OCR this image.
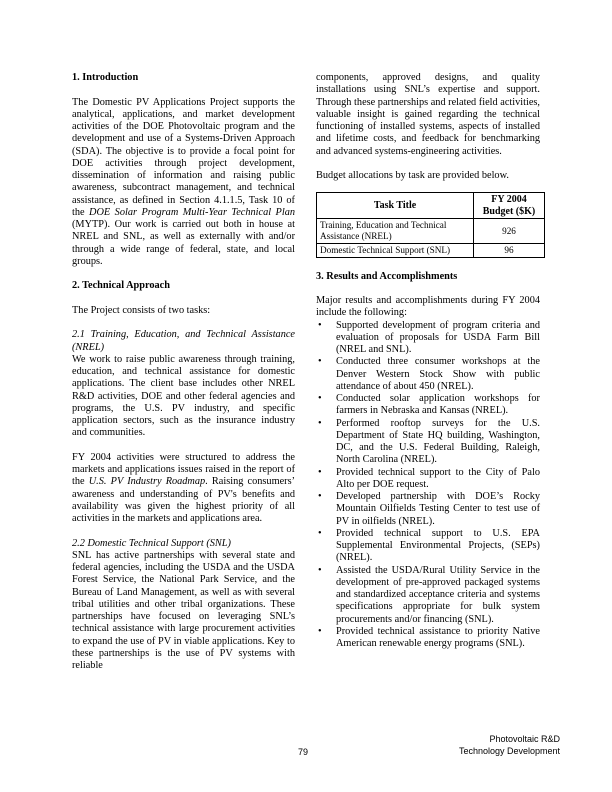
1. Introduction

The Domestic PV Applications Project supports the analytical, applications, and market development activities of the DOE Photovoltaic program and the development and use of a Systems-Driven Approach (SDA). The objective is to provide a focal point for DOE activities through project development, dissemination of information and raising public awareness, subcontract management, and technical assistance, as defined in Section 4.1.1.5, Task 10 of the DOE Solar Program Multi-Year Technical Plan (MYTP). Our work is carried out both in house at NREL and SNL, as well as externally with and/or through a wide range of federal, state, and local groups.

2. Technical Approach

The Project consists of two tasks:

2.1 Training, Education, and Technical Assistance (NREL)

We work to raise public awareness through training, education, and technical assistance for domestic applications. The client base includes other NREL R&D activities, DOE and other federal agencies and programs, the U.S. PV industry, and specific application sectors, such as the insurance industry and communities.

FY 2004 activities were structured to address the markets and applications issues raised in the report of the U.S. PV Industry Roadmap. Raising consumers’ awareness and understanding of PV's benefits and availability was given the highest priority of all activities in the markets and applications area.

2.2 Domestic Technical Support (SNL)

SNL has active partnerships with several state and federal agencies, including the USDA and the USDA Forest Service, the National Park Service, and the Bureau of Land Management, as well as with several tribal utilities and other tribal organizations. These partnerships have focused on leveraging SNL’s technical assistance with large procurement activities to expand the use of PV in viable applications. Key to these partnerships is the use of PV systems with reliable

components, approved designs, and quality installations using SNL’s expertise and support. Through these partnerships and related field activities, valuable insight is gained regarding the technical functioning of installed systems, aspects of installed and lifetime costs, and feedback for benchmarking and advanced systems-engineering activities.

Budget allocations by task are provided below.

Task Title	FY 2004
Budget ($K)
Training, Education and Technical Assistance (NREL)	926
Domestic Technical Support (SNL)	96

3. Results and Accomplishments

Major results and accomplishments during FY 2004 include the following:

• Supported development of program criteria and evaluation of proposals for USDA Farm Bill (NREL and SNL).
• Conducted three consumer workshops at the Denver Western Stock Show with public attendance of about 450 (NREL).
• Conducted solar application workshops for farmers in Nebraska and Kansas (NREL).
• Performed rooftop surveys for the U.S. Department of State HQ building, Washington, DC, and the U.S. Federal Building, Raleigh, North Carolina (NREL).
• Provided technical support to the City of Palo Alto per DOE request.
• Developed partnership with DOE’s Rocky Mountain Oilfields Testing Center to test use of PV in oilfields (NREL).
• Provided technical support to U.S. EPA Supplemental Environmental Projects, (SEPs) (NREL).
• Assisted the USDA/Rural Utility Service in the development of pre-approved packaged systems and standardized acceptance criteria and systems specifications appropriate for bulk system procurements and/or financing (SNL).
• Provided technical assistance to priority Native American renewable energy programs (SNL).
79
Photovoltaic R&D
Technology Development
